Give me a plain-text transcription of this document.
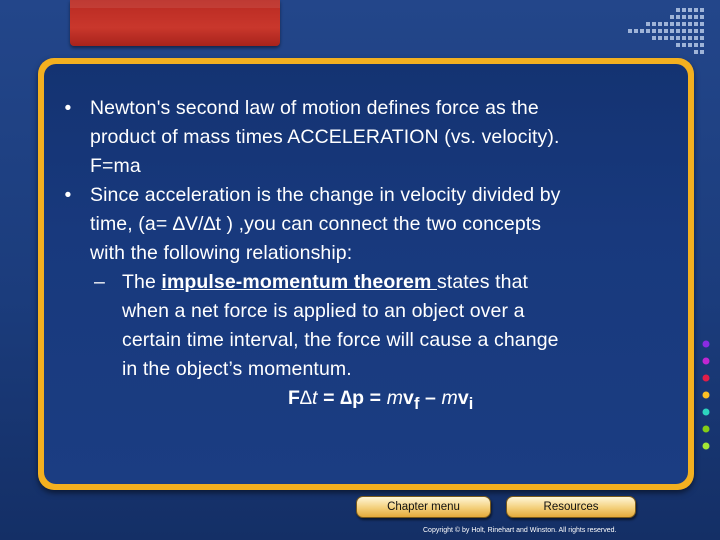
• Newton's second law of motion defines force as the
product of mass times ACCELERATION (vs. velocity).
F=ma
• Since acceleration is the change in velocity divided by
time, (a= ∆V/∆t ) ,you can connect the two concepts
with the following relationship:
– The impulse-momentum theorem states that
when a net force is applied to an object over a
certain time interval, the force will cause a change
in the object’s momentum.
$F\Delta t = \Delta p = mv_f - mv_i$
Chapter menu	Resources
Copyright © by Holt, Rinehart and Winston. All rights reserved.
